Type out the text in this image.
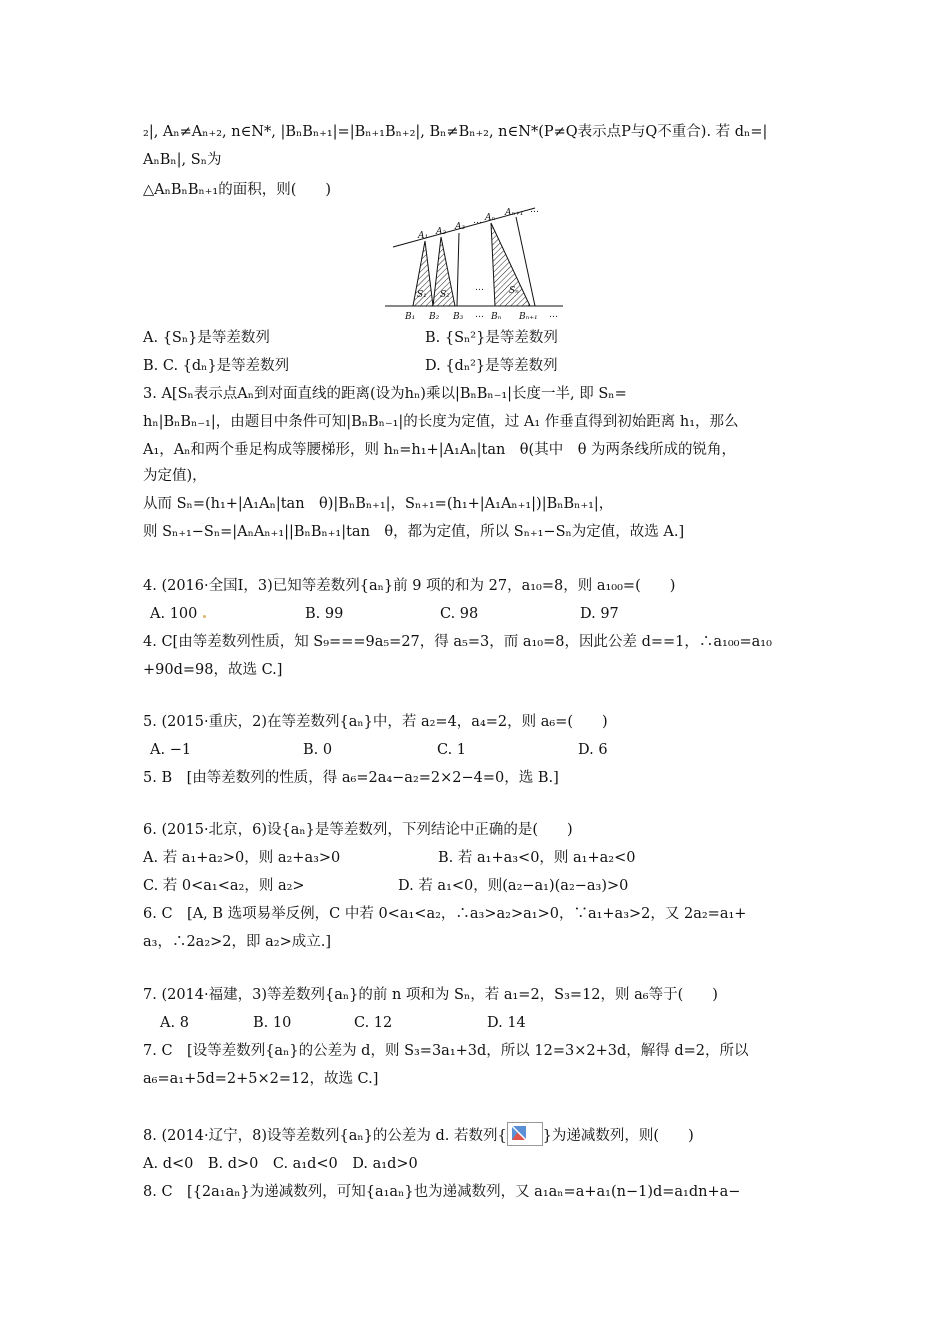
₂|, Aₙ≠Aₙ₊₂, n∈N*, |BₙBₙ₊₁|=|Bₙ₊₁Bₙ₊₂|, Bₙ≠Bₙ₊₂, n∈N*(P≠Q表示点P与Q不重合). 若 dₙ=|
AₙBₙ|, Sₙ为
△AₙBₙBₙ₊₁的面积，则(　　)
A₁ A₂ A₃
… Aₙ Aₙ₊₁ …
S₁ S₂
…	Sₙ
B₁ B₂ B₃ … Bₙ Bₙ₊₁ …
A. {Sₙ}是等差数列	B. {Sₙ²}是等差数列
B. C. {dₙ}是等差数列	D. {dₙ²}是等差数列
3. A[Sₙ表示点Aₙ到对面直线的距离(设为hₙ)乘以|BₙBₙ₋₁|长度一半, 即 Sₙ=
hₙ|BₙBₙ₋₁|，由题目中条件可知|BₙBₙ₋₁|的长度为定值，过 A₁ 作垂直得到初始距离 h₁，那么
A₁，Aₙ和两个垂足构成等腰梯形，则 hₙ=h₁+|A₁Aₙ|tan　θ(其中　θ 为两条线所成的锐角，
为定值)，
从而 Sₙ=(h₁+|A₁Aₙ|tan　θ)|BₙBₙ₊₁|，Sₙ₊₁=(h₁+|A₁Aₙ₊₁|)|BₙBₙ₊₁|，
则 Sₙ₊₁−Sₙ=|AₙAₙ₊₁||BₙBₙ₊₁|tan　θ，都为定值，所以 Sₙ₊₁−Sₙ为定值，故选 A.]
4. (2016·全国Ⅰ，3)已知等差数列{aₙ}前 9 项的和为 27，a₁₀=8，则 a₁₀₀=(　　)
A. 100	B. 99	C. 98	D. 97
4. C[由等差数列性质，知 S₉===9a₅=27，得 a₅=3，而 a₁₀=8，因此公差 d==1，∴a₁₀₀=a₁₀
+90d=98，故选 C.]
5. (2015·重庆，2)在等差数列{aₙ}中，若 a₂=4，a₄=2，则 a₆=(　　)
A. −1	B. 0	C. 1	D. 6
5. B　[由等差数列的性质，得 a₆=2a₄−a₂=2×2−4=0，选 B.]
6. (2015·北京，6)设{aₙ}是等差数列，下列结论中正确的是(　　)
A. 若 a₁+a₂>0，则 a₂+a₃>0	B. 若 a₁+a₃<0，则 a₁+a₂<0
C. 若 0<a₁<a₂，则 a₂>	D. 若 a₁<0，则(a₂−a₁)(a₂−a₃)>0
6. C　[A, B 选项易举反例，C 中若 0<a₁<a₂，∴a₃>a₂>a₁>0，∵a₁+a₃>2，又 2a₂=a₁+
a₃，∴2a₂>2，即 a₂>成立.]
7. (2014·福建，3)等差数列{aₙ}的前 n 项和为 Sₙ，若 a₁=2，S₃=12，则 a₆等于(　　)
A. 8	B. 10	C. 12	D. 14
7. C　[设等差数列{aₙ}的公差为 d，则 S₃=3a₁+3d，所以 12=3×2+3d，解得 d=2，所以
a₆=a₁+5d=2+5×2=12，故选 C.]
8. (2014·辽宁，8)设等差数列{aₙ}的公差为 d. 若数列{ }为递减数列，则(　　)
A. d<0　B. d>0　C. a₁d<0　D. a₁d>0
8. C　[{2a₁aₙ}为递减数列，可知{a₁aₙ}也为递减数列，又 a₁aₙ=a+a₁(n−1)d=a₁dn+a−
